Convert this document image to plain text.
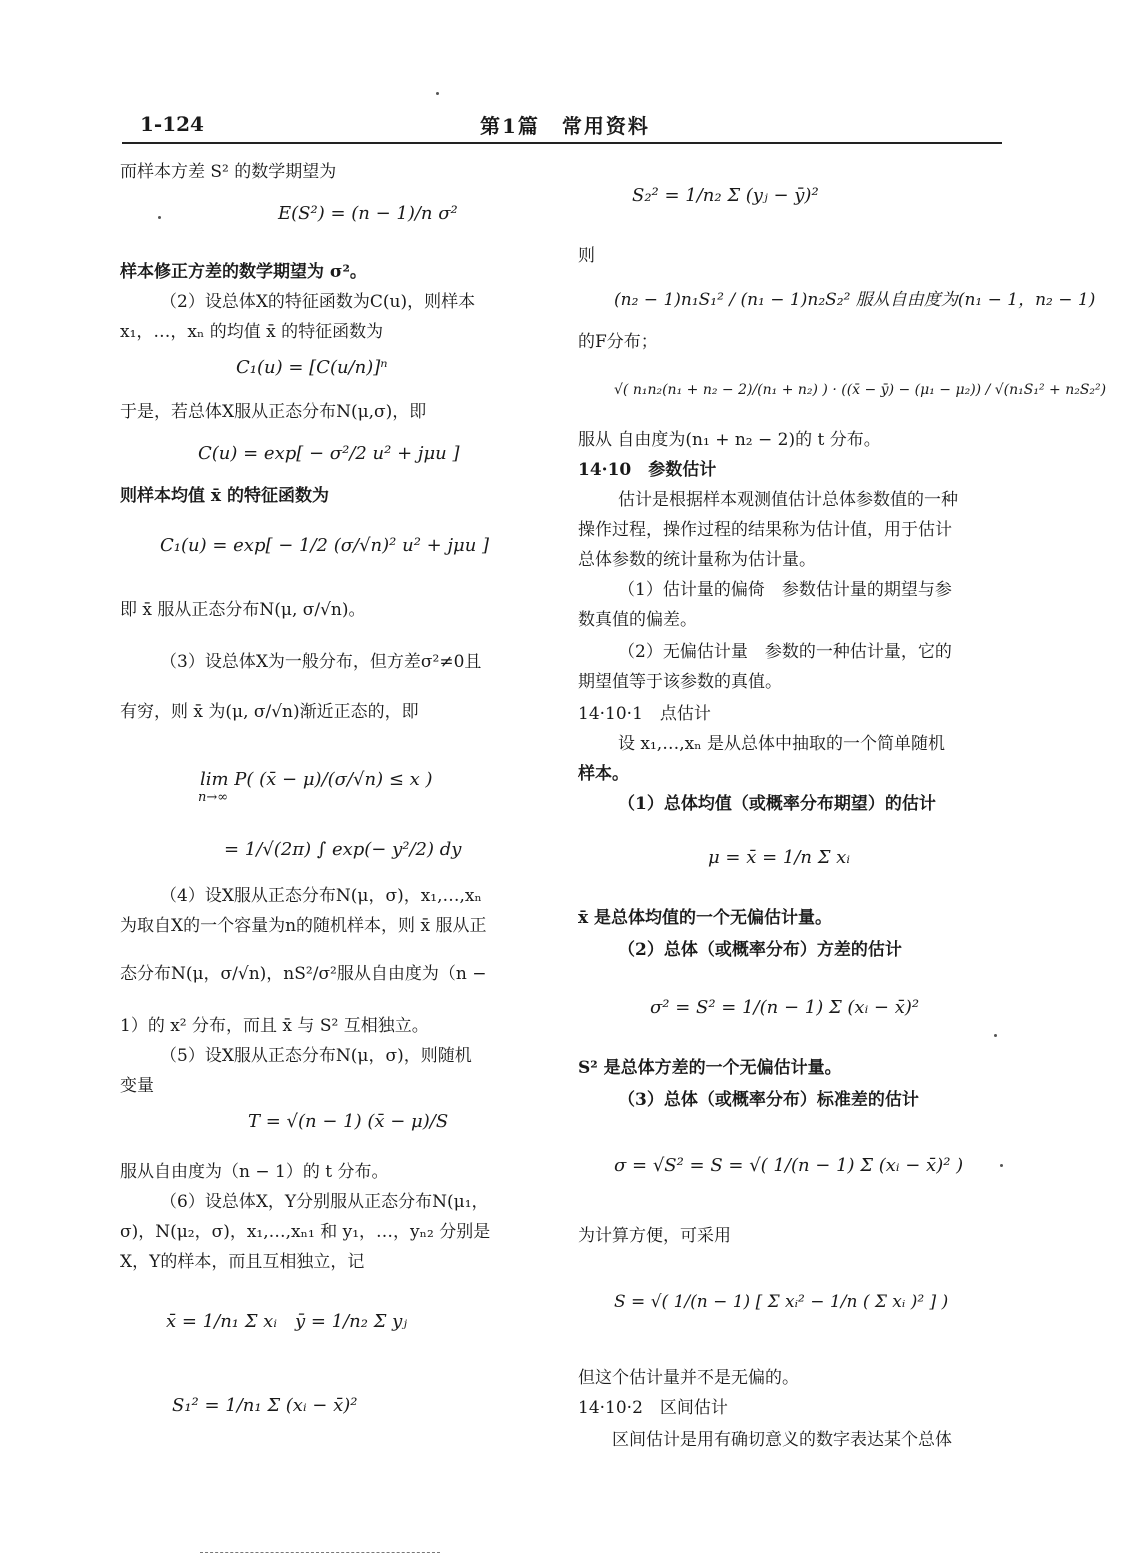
1-124	第1篇　常用资料
而样本方差 S² 的数学期望为
E(S²) = (n − 1)/n σ²
样本修正方差的数学期望为 σ²。
（2）设总体X的特征函数为C(u)，则样本
x₁，…，xₙ 的均值 x̄ 的特征函数为
C₁(u) = [C(u/n)]ⁿ
于是，若总体X服从正态分布N(μ,σ)，即
C(u) = exp[ − σ²/2 u² + jμu ]
则样本均值 x̄ 的特征函数为
C₁(u) = exp[ − 1/2 (σ/√n)² u² + jμu ]
即 x̄ 服从正态分布N(μ, σ/√n)。
（3）设总体X为一般分布，但方差σ²≠0且
有穷，则 x̄ 为(μ, σ/√n)渐近正态的，即
lim P( (x̄ − μ)/(σ/√n) ≤ x )
n→∞
= 1/√(2π) ∫ exp(− y²/2) dy
（4）设X服从正态分布N(μ，σ)，x₁,…,xₙ
为取自X的一个容量为n的随机样本，则 x̄ 服从正
态分布N(μ，σ/√n)，nS²/σ²服从自由度为（n −
1）的 x² 分布，而且 x̄ 与 S² 互相独立。
（5）设X服从正态分布N(μ，σ)，则随机
变量
T = √(n − 1) (x̄ − μ)/S
服从自由度为（n − 1）的 t 分布。
（6）设总体X，Y分别服从正态分布N(μ₁，
σ)，N(μ₂，σ)，x₁,…,xₙ₁ 和 y₁，…，yₙ₂ 分别是
X，Y的样本，而且互相独立，记
x̄ = 1/n₁ Σ xᵢ　ȳ = 1/n₂ Σ yⱼ
S₁² = 1/n₁ Σ (xᵢ − x̄)²
S₂² = 1/n₂ Σ (yⱼ − ȳ)²
则
(n₂ − 1)n₁S₁² / (n₁ − 1)n₂S₂² 服从自由度为(n₁ − 1，n₂ − 1)
的F分布；
√( n₁n₂(n₁ + n₂ − 2)/(n₁ + n₂) ) · ((x̄ − ȳ) − (μ₁ − μ₂)) / √(n₁S₁² + n₂S₂²)
服从 自由度为(n₁ + n₂ − 2)的 t 分布。
14·10　参数估计
估计是根据样本观测值估计总体参数值的一种
操作过程，操作过程的结果称为估计值，用于估计
总体参数的统计量称为估计量。
（1）估计量的偏倚　参数估计量的期望与参
数真值的偏差。
（2）无偏估计量　参数的一种估计量，它的
期望值等于该参数的真值。
14·10·1　点估计
设 x₁,…,xₙ 是从总体中抽取的一个简单随机
样本。
（1）总体均值（或概率分布期望）的估计
μ = x̄ = 1/n Σ xᵢ
x̄ 是总体均值的一个无偏估计量。
（2）总体（或概率分布）方差的估计
σ² = S² = 1/(n − 1) Σ (xᵢ − x̄)²
S² 是总体方差的一个无偏估计量。
（3）总体（或概率分布）标准差的估计
σ = √S² = S = √( 1/(n − 1) Σ (xᵢ − x̄)² )
为计算方便，可采用
S = √( 1/(n − 1) [ Σ xᵢ² − 1/n ( Σ xᵢ )² ] )
但这个估计量并不是无偏的。
14·10·2　区间估计
区间估计是用有确切意义的数字表达某个总体
